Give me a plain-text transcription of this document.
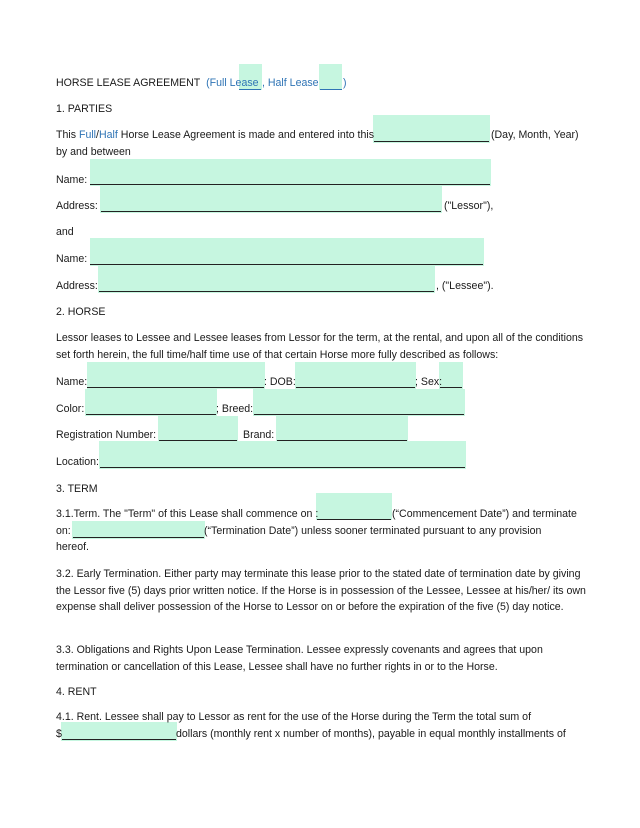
HORSE LEASE AGREEMENT (Full Lease , Half Lease )
1. PARTIES
This Full/Half Horse Lease Agreement is made and entered into this	(Day, Month, Year)
by and between
Name:
Address:	("Lessor"),
and
Name:
Address:	, ("Lessee").
2. HORSE
Lessor leases to Lessee and Lessee leases from Lessor for the term, at the rental, and upon all of the conditions set forth herein, the full time/half time use of that certain Horse more fully described as follows:
Name:	: DOB:	; Sex:
Color:	; Breed:
Registration Number:	Brand:
Location:
3. TERM
3.1.Term. The "Term" of this Lease shall commence on :	(“Commencement Date”) and terminate
on:	(“Termination Date”) unless sooner terminated pursuant to any provision
hereof.
3.2. Early Termination. Either party may terminate this lease prior to the stated date of termination date by giving the Lessor five (5) days prior written notice. If the Horse is in possession of the Lessee, Lessee at his/her/ its own expense shall deliver possession of the Horse to Lessor on or before the expiration of the five (5) day notice.
3.3. Obligations and Rights Upon Lease Termination. Lessee expressly covenants and agrees that upon termination or cancellation of this Lease, Lessee shall have no further rights in or to the Horse.
4. RENT
4.1. Rent. Lessee shall pay to Lessor as rent for the use of the Horse during the Term the total sum of
$	dollars (monthly rent x number of months), payable in equal monthly installments of
